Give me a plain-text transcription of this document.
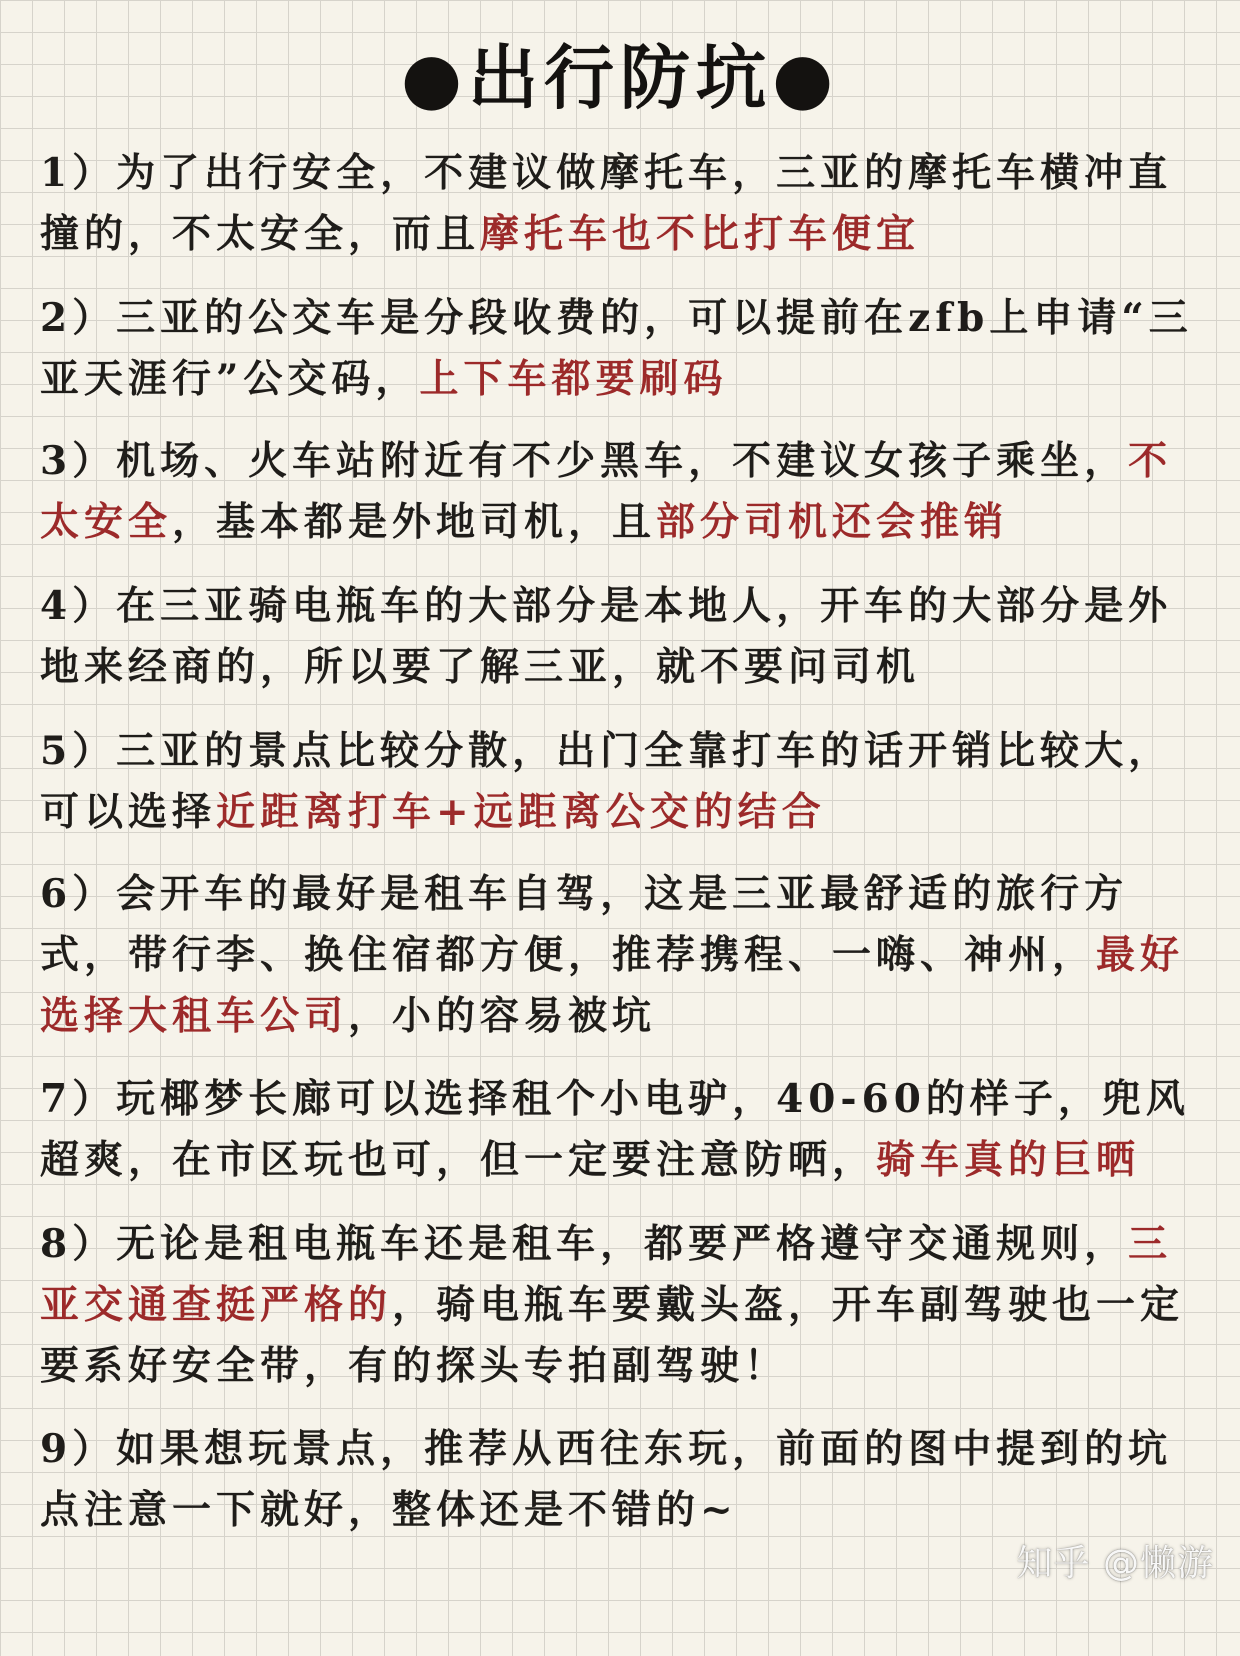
●出行防坑●
1）为了出行安全，不建议做摩托车，三亚的摩托车横冲直撞的，不太安全，而且摩托车也不比打车便宜
2）三亚的公交车是分段收费的，可以提前在zfb上申请“三亚天涯行”公交码，上下车都要刷码
3）机场、火车站附近有不少黑车，不建议女孩子乘坐，不太安全，基本都是外地司机，且部分司机还会推销
4）在三亚骑电瓶车的大部分是本地人，开车的大部分是外地来经商的，所以要了解三亚，就不要问司机
5）三亚的景点比较分散，出门全靠打车的话开销比较大，可以选择近距离打车+远距离公交的结合
6）会开车的最好是租车自驾，这是三亚最舒适的旅行方式，带行李、换住宿都方便，推荐携程、一嗨、神州，最好选择大租车公司，小的容易被坑
7）玩椰梦长廊可以选择租个小电驴，40-60的样子，兜风超爽，在市区玩也可，但一定要注意防晒，骑车真的巨晒
8）无论是租电瓶车还是租车，都要严格遵守交通规则，三亚交通查挺严格的，骑电瓶车要戴头盔，开车副驾驶也一定要系好安全带，有的探头专拍副驾驶！
9）如果想玩景点，推荐从西往东玩，前面的图中提到的坑点注意一下就好，整体还是不错的~
知乎 @懒游
